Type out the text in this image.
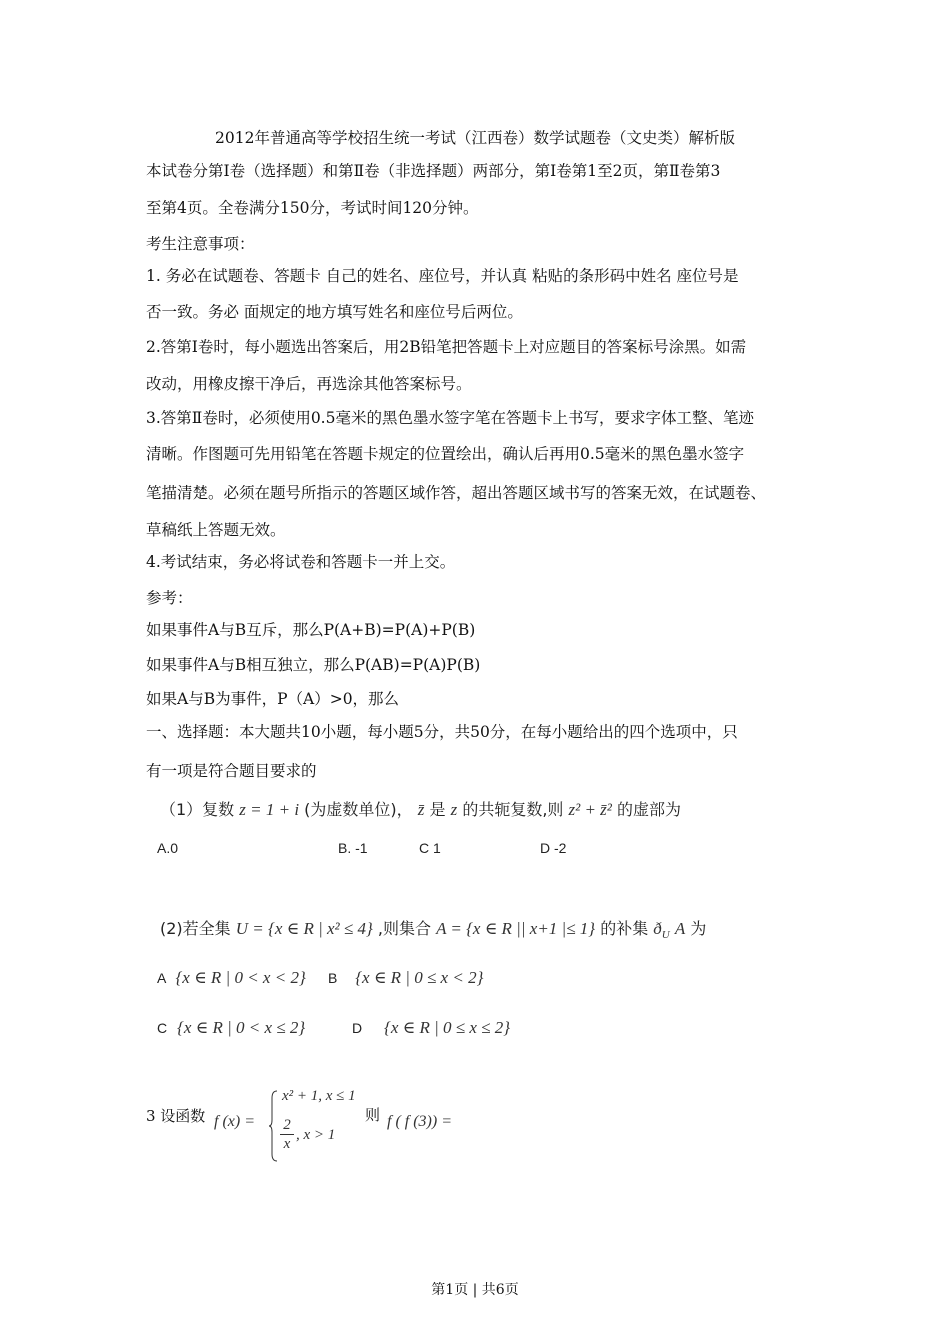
2012年普通高等学校招生统一考试（江西卷）数学试题卷（文史类）解析版
本试卷分第Ⅰ卷（选择题）和第Ⅱ卷（非选择题）两部分，第Ⅰ卷第1至2页，第Ⅱ卷第3
至第4页。全卷满分150分，考试时间120分钟。
考生注意事项：
1. 务必在试题卷、答题卡 自己的姓名、座位号，并认真 粘贴的条形码中姓名 座位号是
否一致。务必 面规定的地方填写姓名和座位号后两位。
2.答第Ⅰ卷时，每小题选出答案后，用2B铅笔把答题卡上对应题目的答案标号涂黑。如需
改动，用橡皮擦干净后，再选涂其他答案标号。
3.答第Ⅱ卷时，必须使用0.5毫米的黑色墨水签字笔在答题卡上书写，要求字体工整、笔迹
清晰。作图题可先用铅笔在答题卡规定的位置绘出，确认后再用0.5毫米的黑色墨水签字
笔描清楚。必须在题号所指示的答题区域作答，超出答题区域书写的答案无效，在试题卷、
草稿纸上答题无效。
4.考试结束，务必将试卷和答题卡一并上交。
参考：
如果事件A与B互斥，那么P(A+B)=P(A)+P(B)
如果事件A与B相互独立，那么P(AB)=P(A)P(B)
如果A与B为事件，P（A）>0，那么
一、选择题：本大题共10小题，每小题5分，共50分，在每小题给出的四个选项中，只
有一项是符合题目要求的
（1）复数 z = 1 + i (为虚数单位)， z̄ 是 z 的共轭复数,则 z² + z̄² 的虚部为
A.0	B. -1	C 1	D -2
(2)若全集 U = {x ∈ R | x² ≤ 4} ,则集合 A = {x ∈ R || x+1 |≤ 1} 的补集 $ð_U$ A 为
A {x ∈ R | 0 < x < 2} B {x ∈ R | 0 ≤ x < 2}
C {x ∈ R | 0 < x ≤ 2}	D {x ∈ R | 0 ≤ x ≤ 2}
3 设函数 f (x) =
x² + 1, x ≤ 1
$\frac{2}{x}$ , x > 1
则 f ( f (3)) =
第1页 | 共6页
